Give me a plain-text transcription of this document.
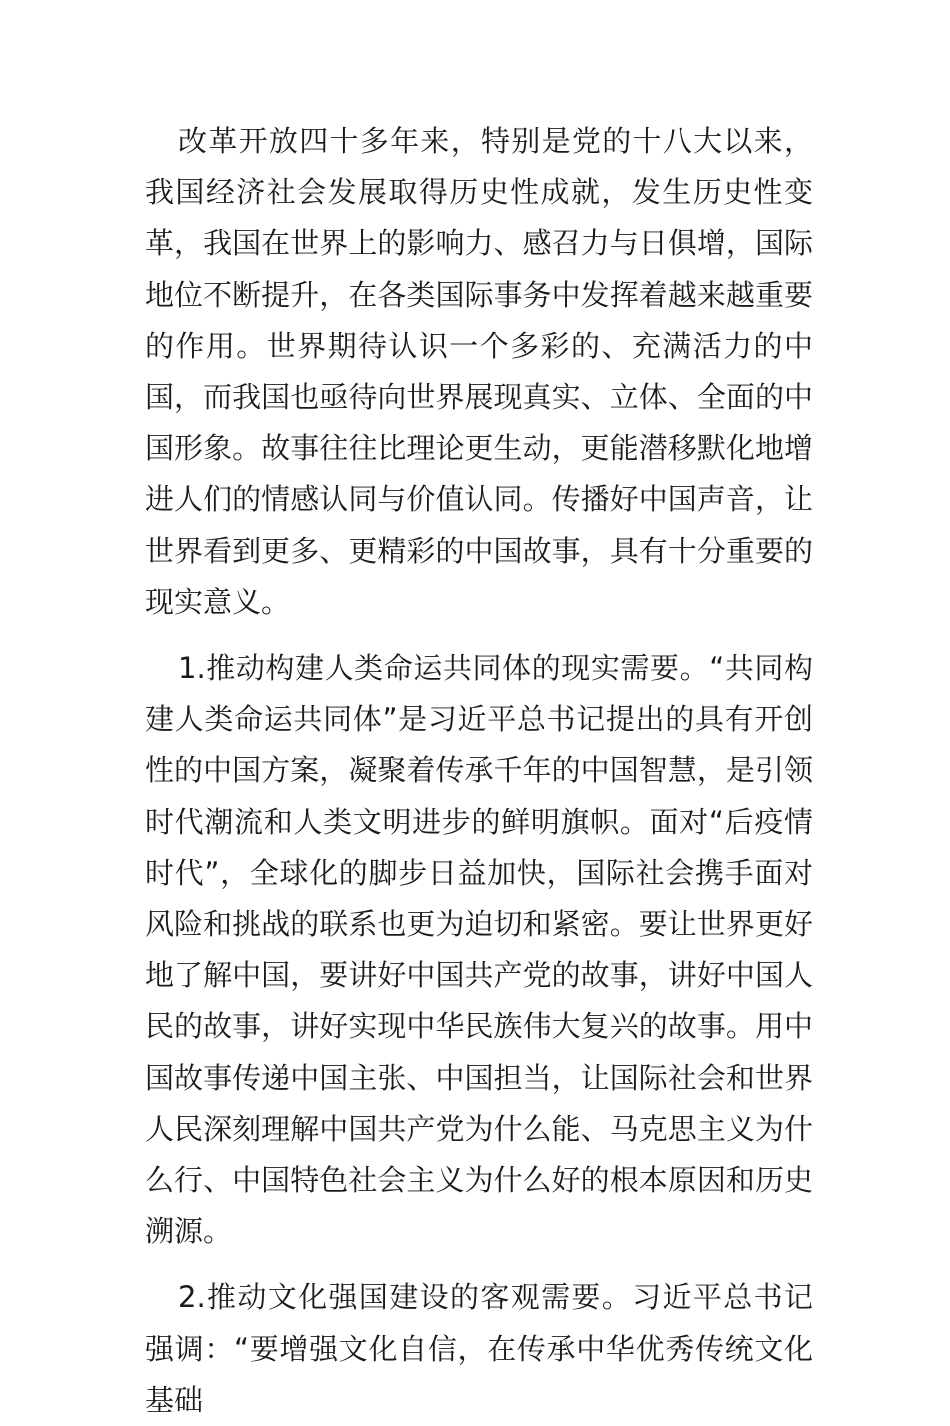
改革开放四十多年来，特别是党的十八大以来，我国经济社会发展取得历史性成就，发生历史性变革，我国在世界上的影响力、感召力与日俱增，国际地位不断提升，在各类国际事务中发挥着越来越重要的作用。世界期待认识一个多彩的、充满活力的中国，而我国也亟待向世界展现真实、立体、全面的中国形象。故事往往比理论更生动，更能潜移默化地增进人们的情感认同与价值认同。传播好中国声音，让世界看到更多、更精彩的中国故事，具有十分重要的现实意义。

1.推动构建人类命运共同体的现实需要。“共同构建人类命运共同体”是习近平总书记提出的具有开创性的中国方案，凝聚着传承千年的中国智慧，是引领时代潮流和人类文明进步的鲜明旗帜。面对“后疫情时代”，全球化的脚步日益加快，国际社会携手面对风险和挑战的联系也更为迫切和紧密。要让世界更好地了解中国，要讲好中国共产党的故事，讲好中国人民的故事，讲好实现中华民族伟大复兴的故事。用中国故事传递中国主张、中国担当，让国际社会和世界人民深刻理解中国共产党为什么能、马克思主义为什么行、中国特色社会主义为什么好的根本原因和历史溯源。

2.推动文化强国建设的客观需要。习近平总书记强调：“要增强文化自信，在传承中华优秀传统文化基础
